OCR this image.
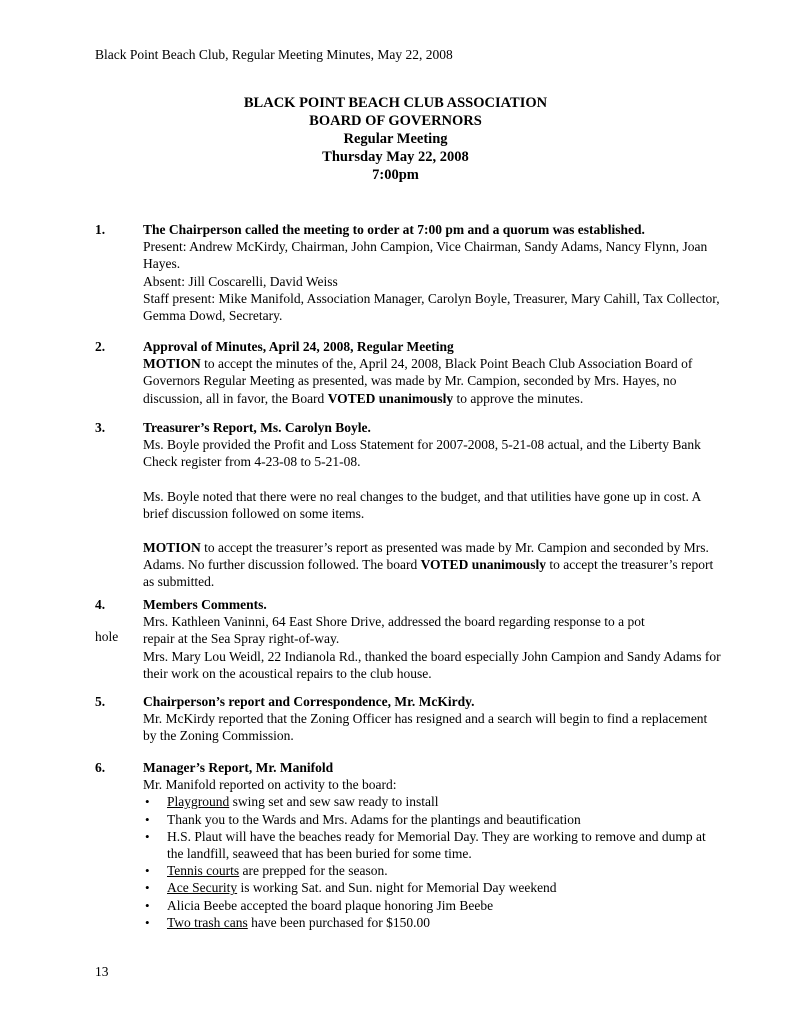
Black Point Beach Club, Regular Meeting Minutes, May 22, 2008
BLACK POINT BEACH CLUB ASSOCIATION
BOARD OF GOVERNORS
Regular Meeting
Thursday May 22, 2008
7:00pm
1.	The Chairperson called the meeting to order at 7:00 pm and a quorum was established.

Present: Andrew McKirdy, Chairman, John Campion, Vice Chairman, Sandy Adams, Nancy Flynn, Joan Hayes.

Absent: Jill Coscarelli, David Weiss

Staff present: Mike Manifold, Association Manager, Carolyn Boyle, Treasurer, Mary Cahill, Tax Collector, Gemma Dowd, Secretary.

2.	Approval of Minutes, April 24, 2008, Regular Meeting

MOTION to accept the minutes of the, April 24, 2008, Black Point Beach Club Association Board of Governors Regular Meeting as presented, was made by Mr. Campion, seconded by Mrs. Hayes, no discussion, all in favor, the Board VOTED unanimously to approve the minutes.

3.	Treasurer’s Report, Ms. Carolyn Boyle.

Ms. Boyle provided the Profit and Loss Statement for 2007-2008, 5-21-08 actual, and the Liberty Bank Check register from 4-23-08 to 5-21-08.

Ms. Boyle noted that there were no real changes to the budget, and that utilities have gone up in cost. A brief discussion followed on some items.

MOTION to accept the treasurer’s report as presented was made by Mr. Campion and seconded by Mrs. Adams. No further discussion followed. The board VOTED unanimously to accept the treasurer’s report as submitted.

4.	Members Comments.

Mrs. Kathleen Vaninni, 64 East Shore Drive, addressed the board regarding response to a pot

repair at the Sea Spray right-of-way.

Mrs. Mary Lou Weidl, 22 Indianola Rd., thanked the board especially John Campion and Sandy Adams for their work on the acoustical repairs to the club house.

hole
5.	Chairperson’s report and Correspondence, Mr. McKirdy.

Mr. McKirdy reported that the Zoning Officer has resigned and a search will begin to find a replacement by the Zoning Commission.

6.	Manager’s Report, Mr. Manifold

Mr. Manifold reported on activity to the board:

• Playground swing set and sew saw ready to install
• Thank you to the Wards and Mrs. Adams for the plantings and beautification
• H.S. Plaut will have the beaches ready for Memorial Day. They are working to remove and dump at the landfill, seaweed that has been buried for some time.
• Tennis courts are prepped for the season.
• Ace Security is working Sat. and Sun. night for Memorial Day weekend
• Alicia Beebe accepted the board plaque honoring Jim Beebe
• Two trash cans have been purchased for $150.00
13
